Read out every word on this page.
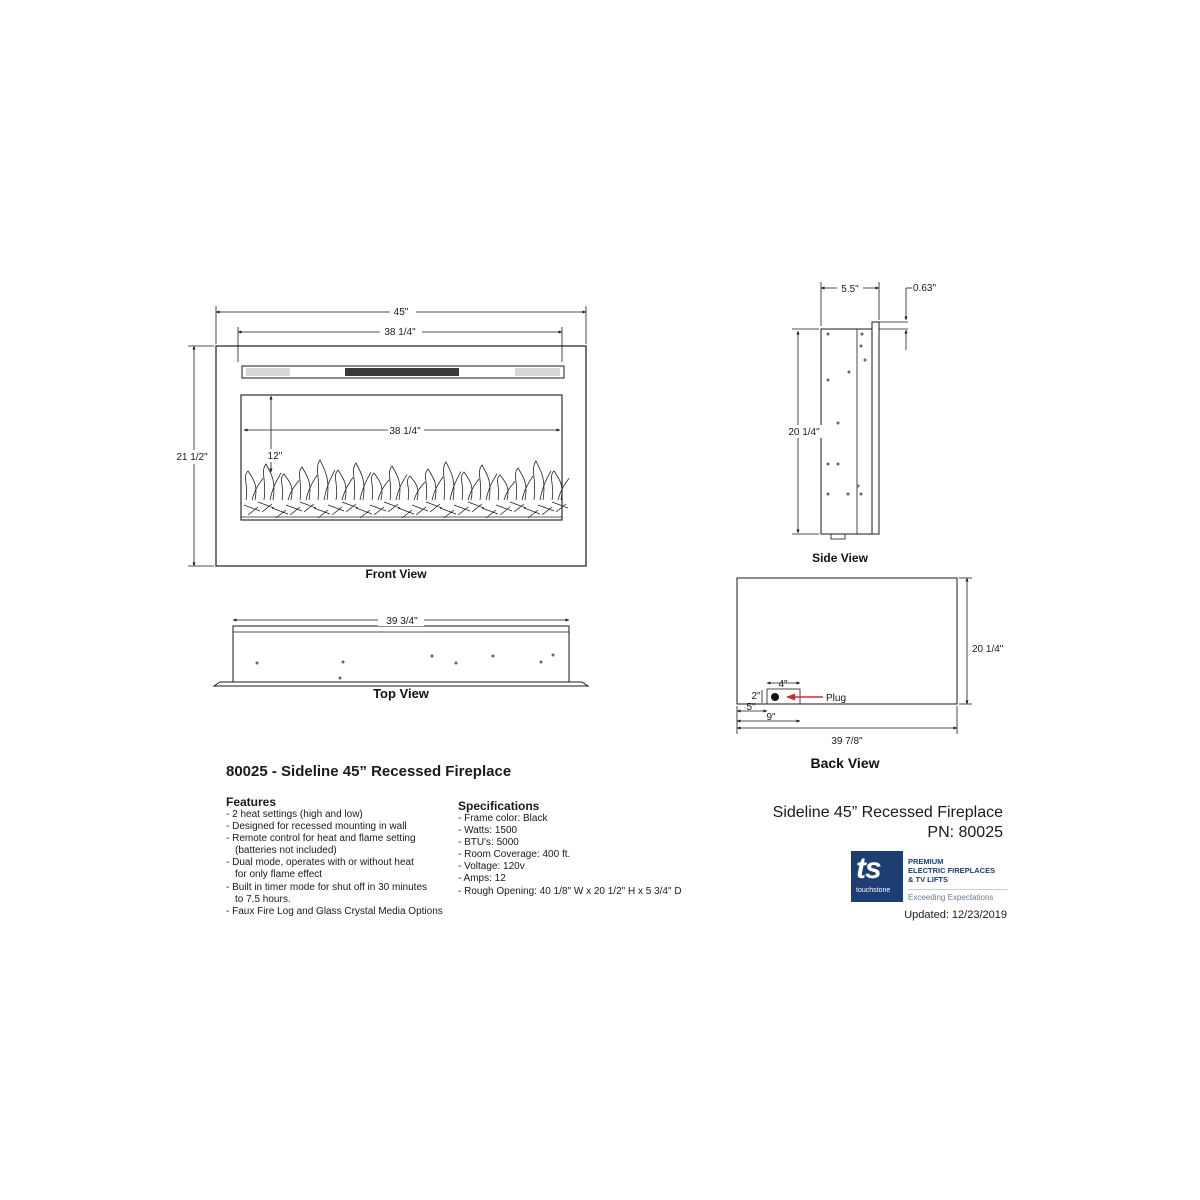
45"
38 1/4"
21 1/2"
38 1/4"
12"
Front View
39 3/4"
Top View
5.5"	0.63"
20 1/4"
Side View
Plug
4"
2"
5"
9"
39 7/8"
20 1/4"
Back View
80025 - Sideline 45” Recessed Fireplace
Features
- 2 heat settings (high and low)
- Designed for recessed mounting in wall
- Remote control for heat and flame setting
(batteries not included)
- Dual mode, operates with or without heat
for only flame effect
- Built in timer mode for shut off in 30 minutes
to 7.5 hours.
- Faux Fire Log and Glass Crystal Media Options
Specifications
- Frame color: Black
- Watts: 1500
- BTU's: 5000
- Room Coverage: 400 ft.
- Voltage: 120v
- Amps: 12
- Rough Opening: 40 1/8" W x 20 1/2" H x 5 3/4" D
Sideline 45” Recessed Fireplace
PN: 80025
ts
touchstone
PREMIUM
ELECTRIC FIREPLACES
& TV LIFTS
Exceeding Expectations
Updated: 12/23/2019
